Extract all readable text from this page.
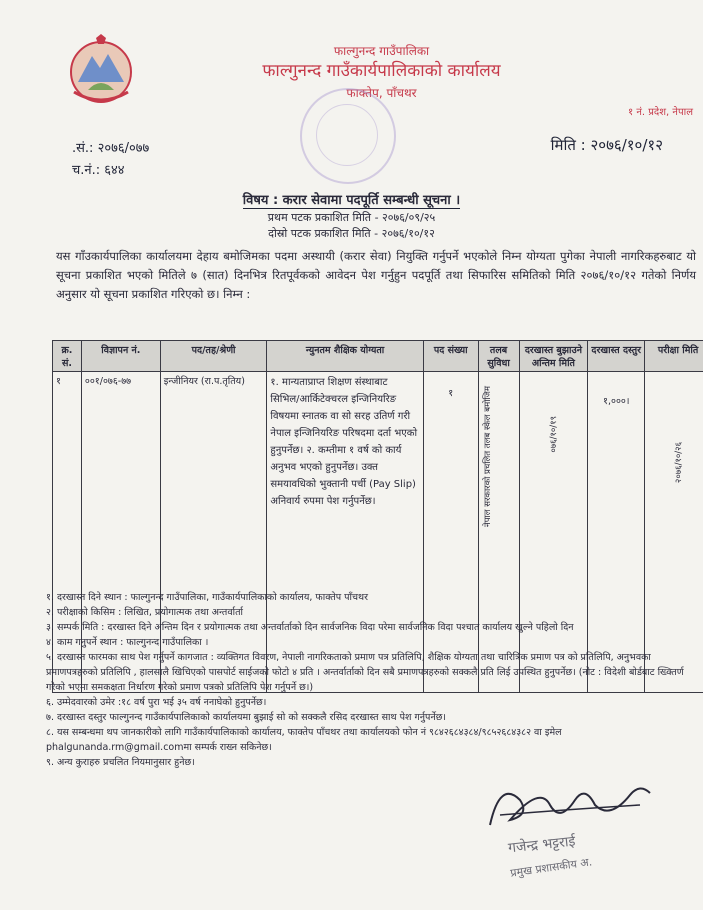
फाल्गुनन्द गाउँपालिका
फाल्गुनन्द गाउँकार्यपालिकाको कार्यालय
फाक्तेप, पाँचथर
१ नं. प्रदेश, नेपाल
.सं.: २०७६/०७७
च.नं.: ६४४
मिति : २०७६/१०/१२
विषय : करार सेवामा पदपूर्ति सम्बन्धी सूचना ।
प्रथम पटक प्रकाशित मिति - २०७६/०९/२५
दोस्रो पटक प्रकाशित मिति - २०७६/१०/१२
यस गाँउकार्यपालिका कार्यालयमा देहाय बमोजिमका पदमा अस्थायी (करार सेवा) नियुक्ति गर्नुपर्ने भएकोले निम्न योग्यता पुगेका नेपाली नागरिकहरुबाट यो सूचना प्रकाशित भएको मितिले ७ (सात) दिनभित्र रितपूर्वकको आवेदन पेश गर्नुहुन पदपूर्ति तथा सिफारिस समितिको मिति २०७६/१०/१२ गतेको निर्णय अनुसार यो सूचना प्रकाशित गरिएको छ। निम्न :
क्र. सं.	विज्ञापन नं.	पद/तह/श्रेणी	न्युनतम शैक्षिक योग्यता	पद संख्या	तलब सुविधा	दरखास्त बुझाउने अन्तिम मिति	दरखास्त दस्तुर	परीक्षा मिति
१	००१/०७६-७७	इन्जीनियर (रा.प.तृतिय)	१. मान्यताप्राप्त शिक्षण संस्थाबाट सिभिल/आर्किटेक्चरल इन्जिनियरिङ विषयमा स्नातक वा सो सरह उतिर्ण गरी नेपाल इन्जिनियरिङ परिषदमा दर्ता भएको हुनुपर्नेछ। २. कम्तीमा १ वर्ष को कार्य अनुभव भएको हुनुपर्नेछ। उक्त समयावधिको भुक्तानी पर्ची (Pay Slip) अनिवार्य रुपमा पेश गर्नुपर्नेछ।	१	नेपाल सरकारको प्रचलित तलब स्केल बमोजिम	०७६/१०/१९	१,०००।	२०७६/१०/२६
१. दरखास्त दिने स्थान : फाल्गुनन्द गाउँपालिका, गाउँकार्यपालिकाको कार्यालय, फाक्तेप पाँचथर
२. परीक्षाको किसिम : लिखित, प्रयोगात्मक तथा अन्तर्वार्ता
३. सम्पर्क मिति : दरखास्त दिने अन्तिम दिन र प्रयोगात्मक तथा अन्तर्वार्ताको दिन सार्वजनिक विदा परेमा सार्वजनिक विदा पश्चात कार्यालय खुल्ने पहिलो दिन
४. काम गनुपर्ने स्थान : फाल्गुनन्द गाउँपालिका ।
५. दरखास्त फारमका साथ पेश गर्नुपर्ने कागजात : व्यक्तिगत विवरण, नेपाली नागरिकताको प्रमाण पत्र प्रतिलिपि, शैक्षिक योग्यता तथा चारित्रिक प्रमाण पत्र को प्रतिलिपि, अनुभवका प्रमाणपत्रहरुको प्रतिलिपि , हालसालै खिचिएको पासपोर्ट साईजको फोटो ४ प्रति । अन्तर्वार्ताको दिन सबै प्रमाणपत्रहरुको सक्कलै प्रति लिई उपस्थित हुनुपर्नेछ। (नोट : विदेशी बोर्डबाट ख्क्तिर्ण गरेको भएमा समकक्षता निर्धारण गरेको प्रमाण पत्रको प्रतिलिपि पेश गर्नुपर्ने छ।)
६. उम्मेदवारको उमेर :१८ वर्ष पुरा भई ३५ वर्ष ननाघेको हुनुपर्नेछ।
७. दरखास्त दस्तुर फाल्गुनन्द गाउँकार्यपालिकाको कार्यालयमा बुझाई सो को सक्कलै रसिद दरखास्त साथ पेश गर्नुपर्नेछ।
८. यस सम्बन्धमा थप जानकारीको लागि गाउँकार्यपालिकाको कार्यालय, फाक्तेप पाँचथर तथा कार्यालयको फोन नं ९८४२६८४३८४/९८५२६८४३८२ वा इमेल phalgunanda.rm@gmail.comमा सम्पर्क राख्न सकिनेछ।
९. अन्य कुराहरु प्रचलित नियमानुसार हुनेछ।
गजेन्द्र भट्टराई
प्रमुख प्रशासकीय अ.
